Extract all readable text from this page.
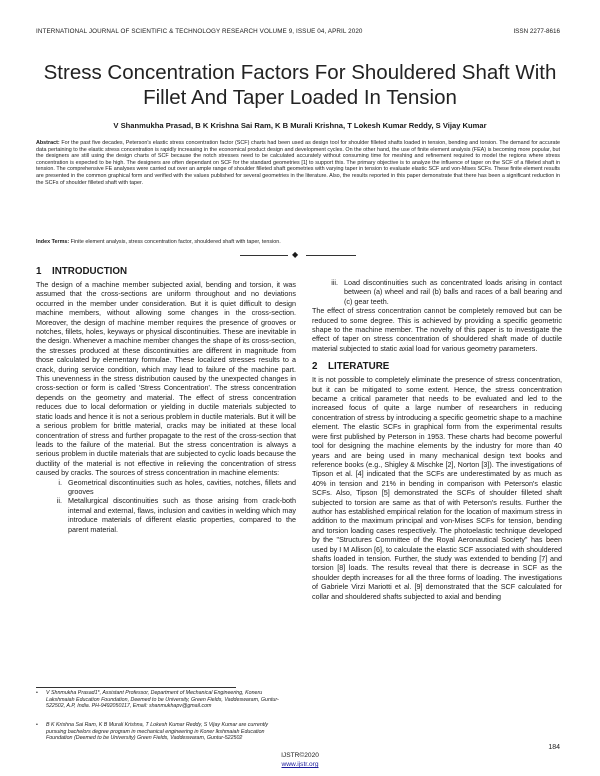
INTERNATIONAL JOURNAL OF SCIENTIFIC & TECHNOLOGY RESEARCH VOLUME 9, ISSUE 04, APRIL 2020	ISSN 2277-8616
Stress Concentration Factors For Shouldered Shaft With Fillet And Taper Loaded In Tension
V Shanmukha Prasad, B K Krishna Sai Ram, K B Murali Krishna, T Lokesh Kumar Reddy, S Vijay Kumar
Abstract: For the past five decades, Peterson's elastic stress concentration factor (SCF) charts had been used as design tool for shoulder filleted shafts loaded in tension, bending and torsion. The demand for accurate data pertaining to the elastic stress concentration is rapidly increasing in the economical product design and development cycles. On the other hand, the use of finite element analysis (FEA) is becoming more popular, but the designers are still using the design charts of SCF because the notch stresses need to be calculated accurately without consuming time for meshing and refinement required to model the regions where stress concentration is expected to be high. The designers are often dependant on SCF for the standard geometries [1] to support this. The primary objective is to analyze the influence of taper on the SCF of a filleted shaft in tension. The comprehensive FE analyses were carried out over an ample range of shoulder filleted shaft geometries with varying taper in tension to evaluate elastic SCF and von-Mises SCFs. These finite element results are presented in the common graphical form and verified with the values published for several geometries in the literature. Also, the results reported in this paper demonstrate that there has been a significant reduction in the SCFs of shoulder filleted shaft with taper.
Index Terms: Finite element analysis, stress concentration factor, shouldered shaft with taper, tension.
◆
1 INTRODUCTION

The design of a machine member subjected axial, bending and torsion, it was assumed that the cross-sections are uniform throughout and no deviations occurred in the member under consideration. But it is quiet difficult to design machine members, without allowing some changes in the cross-section. Moreover, the design of machine member requires the presence of grooves or notches, fillets, holes, keyways or physical discontinuities. These are inevitable in the design. Whenever a machine member changes the shape of its cross-section, the stresses produced at these discontinuities are different in magnitude from those calculated by elementary formulae. These localized stresses results to a crack, during service condition, which may lead to failure of the machine part. This unevenness in the stress distribution caused by the unexpected changes in cross-section or form is called 'Stress Concentration'. The stress concentration depends on the geometry and material. The effect of stress concentration reduces due to local deformation or yielding in ductile materials subjected to static loads and hence it is not a serious problem in ductile materials. But it will be a serious problem for brittle material, cracks may be initiated at these local concentration of stress and further propagate to the rest of the cross-section that leads to the failure of the material. But the stress concentration is always a serious problem in ductile materials that are subjected to cyclic loads because the ductility of the material is not effective in relieving the concentration of stress caused by cracks. The sources of stress concentration in machine elements:

i. Geometrical discontinuities such as holes, cavities, notches, fillets and grooves
ii. Metallurgical discontinuities such as those arising from crack-both internal and external, flaws, inclusion and cavities in welding which may introduce materials of different elastic properties, compared to the parent material.
• V Shnmukha Prasad1*, Assistant Professor, Department of Mechanical Engineering, Koneru Lakshmaiah Education Foundation, Deemed to be University, Green Fields, Vaddeswaram, Guntur-522502, A.P, India. PH-9492050117, Email: shanmukhapv@gmail.com
• B K Krishna Sai Ram, K B Murali Krishna, T Lokesh Kumar Reddy, S Vijay Kumar are currently pursuing bachelors degree program in mechanical engineering in Koner lkshmaiah Education Foundation (Deemed to be University) Green Fields, Vaddeswaram, Guntur-522502
iii. Load discontinuities such as concentrated loads arising in contact between (a) wheel and rail (b) balls and races of a ball bearing and (c) gear teeth.

The effect of stress concentration cannot be completely removed but can be reduced to some degree. This is achieved by providing a specific geometric shape to the machine member. The novelty of this paper is to investigate the effect of taper on stress concentration of shouldered shaft made of ductile material subjected to static axial load for various geometry parameters.

2 LITERATURE

It is not possible to completely eliminate the presence of stress concentration, but it can be mitigated to some extent. Hence, the stress concentration became a critical parameter that needs to be evaluated and led to the increased focus of quite a large number of researchers in reducing concentration of stress by introducing a specific geometric shape to a machine element. The elastic SCFs in graphical form from the experimental results were first published by Peterson in 1953. These charts had become powerful tool for designing the machine elements by the industry for more than 40 years and are being used in many mechanical design text books and reference books (e.g., Shigley & Mischke [2], Norton [3]). The investigations of Tipson et al. [4] indicated that the SCFs are underestimated by as much as 40% in tension and 21% in bending in comparison with Peterson's elastic SCFs. Also, Tipson [5] demonstrated the SCFs of shoulder filleted shaft subjected to torsion are same as that of with Peterson's results. Further the author has established empirical relation for the location of maximum stress in addition to the maximum principal and von-Mises SCFs for tension, bending and torsion loading cases respectively. The photoelastic technique developed by the "Structures Committee of the Royal Aeronautical Society" has been used by I M Allison [6], to calculate the elastic SCF associated with shouldered shafts loaded in tension. Further, the study was extended to bending [7] and torsion [8] loads. The results reveal that there is decrease in SCF as the shoulder depth increases for all the three forms of loading. The investigations of Gabriele Virzi Mariotti et al. [9] demonstrated that the SCF calculated for collar and shouldered shafts subjected to axial and bending

184
IJSTR©2020
www.ijstr.org
